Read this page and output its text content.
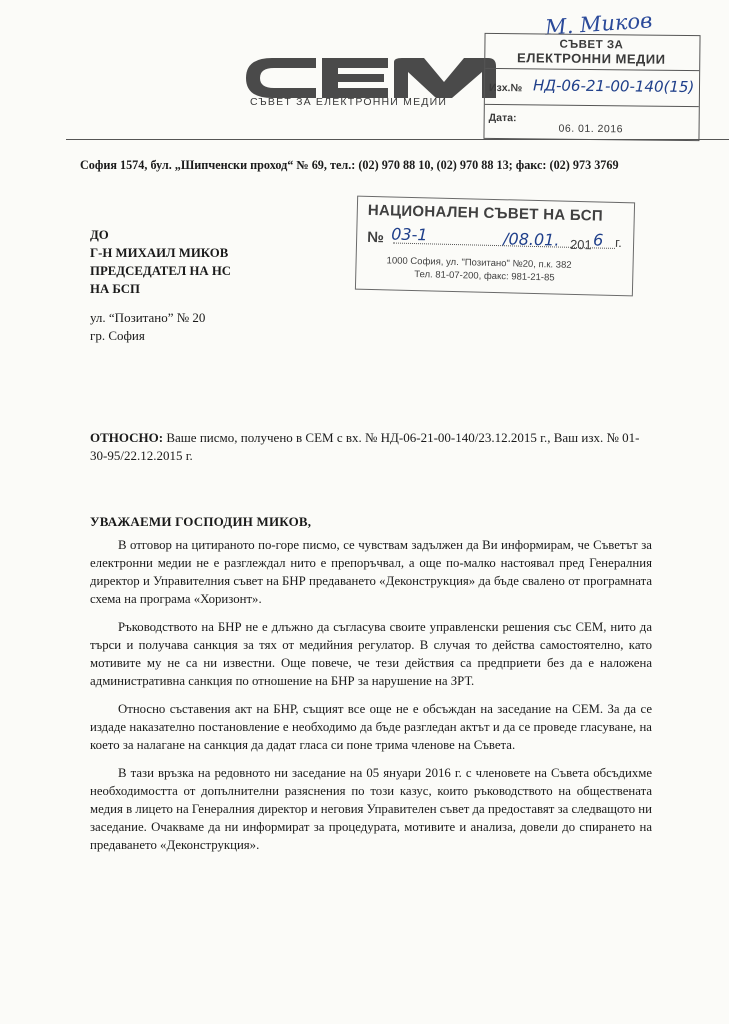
М. Миков
СЪВЕТ ЗА ЕЛЕКТРОННИ МЕДИИ
СЪВЕТ ЗА
ЕЛЕКТРОННИ МЕДИИ
Изх.№ НД-06-21-00-140(15)
Дата:
06. 01. 2016
София 1574, бул. „Шипченски проход“ № 69, тел.: (02) 970 88 10, (02) 970 88 13; факс: (02) 973 3769
НАЦИОНАЛЕН СЪВЕТ НА БСП
№ 03-1	/08.01. 201 6 г.
1000 София, ул. "Позитано" №20, п.к. 382
Тел. 81-07-200, факс: 981-21-85
ДО
Г-Н МИХАИЛ МИКОВ
ПРЕДСЕДАТЕЛ НА НС
НА БСП
ул. “Позитано” № 20
гр. София
ОТНОСНО: Ваше писмо, получено в СЕМ с вх. № НД-06-21-00-140/23.12.2015 г., Ваш изх. № 01-30-95/22.12.2015 г.
УВАЖАЕМИ ГОСПОДИН МИКОВ,

В отговор на цитираното по-горе писмо, се чувствам задължен да Ви информирам, че Съветът за електронни медии не е разглеждал нито е препоръчвал, а още по-малко настоявал пред Генералния директор и Управителния съвет на БНР предаването «Деконструкция» да бъде свалено от програмната схема на програма «Хоризонт».

Ръководството на БНР не е длъжно да съгласува своите управленски решения със СЕМ, нито да търси и получава санкция за тях от медийния регулатор. В случая то действа самостоятелно, като мотивите му не са ни известни. Още повече, че тези действия са предприети без да е наложена административна санкция по отношение на БНР за нарушение на ЗРТ.

Относно съставения акт на БНР, същият все още не е обсъждан на заседание на СЕМ. За да се издаде наказателно постановление е необходимо да бъде разгледан актът и да се проведе гласуване, на което за налагане на санкция да дадат гласа си поне трима членове на Съвета.

В тази връзка на редовното ни заседание на 05 януари 2016 г. с членовете на Съвета обсъдихме необходимостта от допълнителни разяснения по този казус, които ръководството на обществената медия в лицето на Генералния директор и неговия Управителен съвет да предоставят за следващото ни заседание. Очакваме да ни информират за процедурата, мотивите и анализа, довели до спирането на предаването «Деконструкция».
